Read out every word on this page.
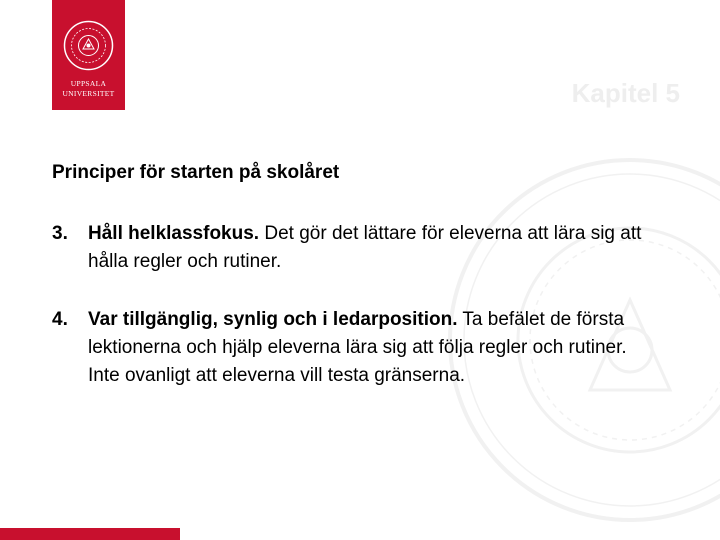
UPPSALA
UNIVERSITET	Kapitel 5
Principer för starten på skolåret
3. Håll helklassfokus. Det gör det lättare för eleverna att lära sig att hålla regler och rutiner.
4. Var tillgänglig, synlig och i ledarposition. Ta befälet de första lektionerna och hjälp eleverna lära sig att följa regler och rutiner. Inte ovanligt att eleverna vill testa gränserna.
